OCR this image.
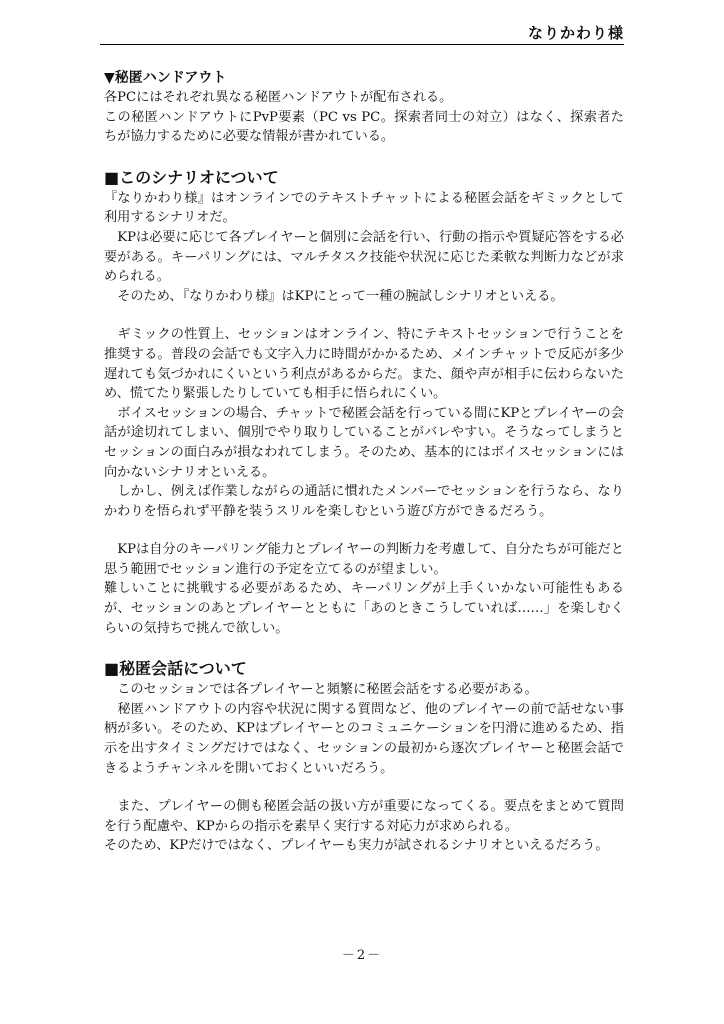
なりかわり様
▼秘匿ハンドアウト

各PCにはそれぞれ異なる秘匿ハンドアウトが配布される。

この秘匿ハンドアウトにPvP要素（PC vs PC。探索者同士の対立）はなく、探索者たちが協力するために必要な情報が書かれている。

■このシナリオについて

『なりかわり様』はオンラインでのテキストチャットによる秘匿会話をギミックとして利用するシナリオだ。

　KPは必要に応じて各プレイヤーと個別に会話を行い、行動の指示や質疑応答をする必要がある。キーパリングには、マルチタスク技能や状況に応じた柔軟な判断力などが求められる。

　そのため、『なりかわり様』はKPにとって一種の腕試しシナリオといえる。

　ギミックの性質上、セッションはオンライン、特にテキストセッションで行うことを推奨する。普段の会話でも文字入力に時間がかかるため、メインチャットで反応が多少遅れても気づかれにくいという利点があるからだ。また、顔や声が相手に伝わらないため、慌てたり緊張したりしていても相手に悟られにくい。

　ボイスセッションの場合、チャットで秘匿会話を行っている間にKPとプレイヤーの会話が途切れてしまい、個別でやり取りしていることがバレやすい。そうなってしまうとセッションの面白みが損なわれてしまう。そのため、基本的にはボイスセッションには向かないシナリオといえる。

　しかし、例えば作業しながらの通話に慣れたメンバーでセッションを行うなら、なりかわりを悟られず平静を装うスリルを楽しむという遊び方ができるだろう。

　KPは自分のキーパリング能力とプレイヤーの判断力を考慮して、自分たちが可能だと思う範囲でセッション進行の予定を立てるのが望ましい。

難しいことに挑戦する必要があるため、キーパリングが上手くいかない可能性もあるが、セッションのあとプレイヤーとともに「あのときこうしていれば……」を楽しむくらいの気持ちで挑んで欲しい。

■秘匿会話について

　このセッションでは各プレイヤーと頻繁に秘匿会話をする必要がある。

　秘匿ハンドアウトの内容や状況に関する質問など、他のプレイヤーの前で話せない事柄が多い。そのため、KPはプレイヤーとのコミュニケーションを円滑に進めるため、指示を出すタイミングだけではなく、セッションの最初から逐次プレイヤーと秘匿会話できるようチャンネルを開いておくといいだろう。

　また、プレイヤーの側も秘匿会話の扱い方が重要になってくる。要点をまとめて質問を行う配慮や、KPからの指示を素早く実行する対応力が求められる。

そのため、KPだけではなく、プレイヤーも実力が試されるシナリオといえるだろう。

－2－
